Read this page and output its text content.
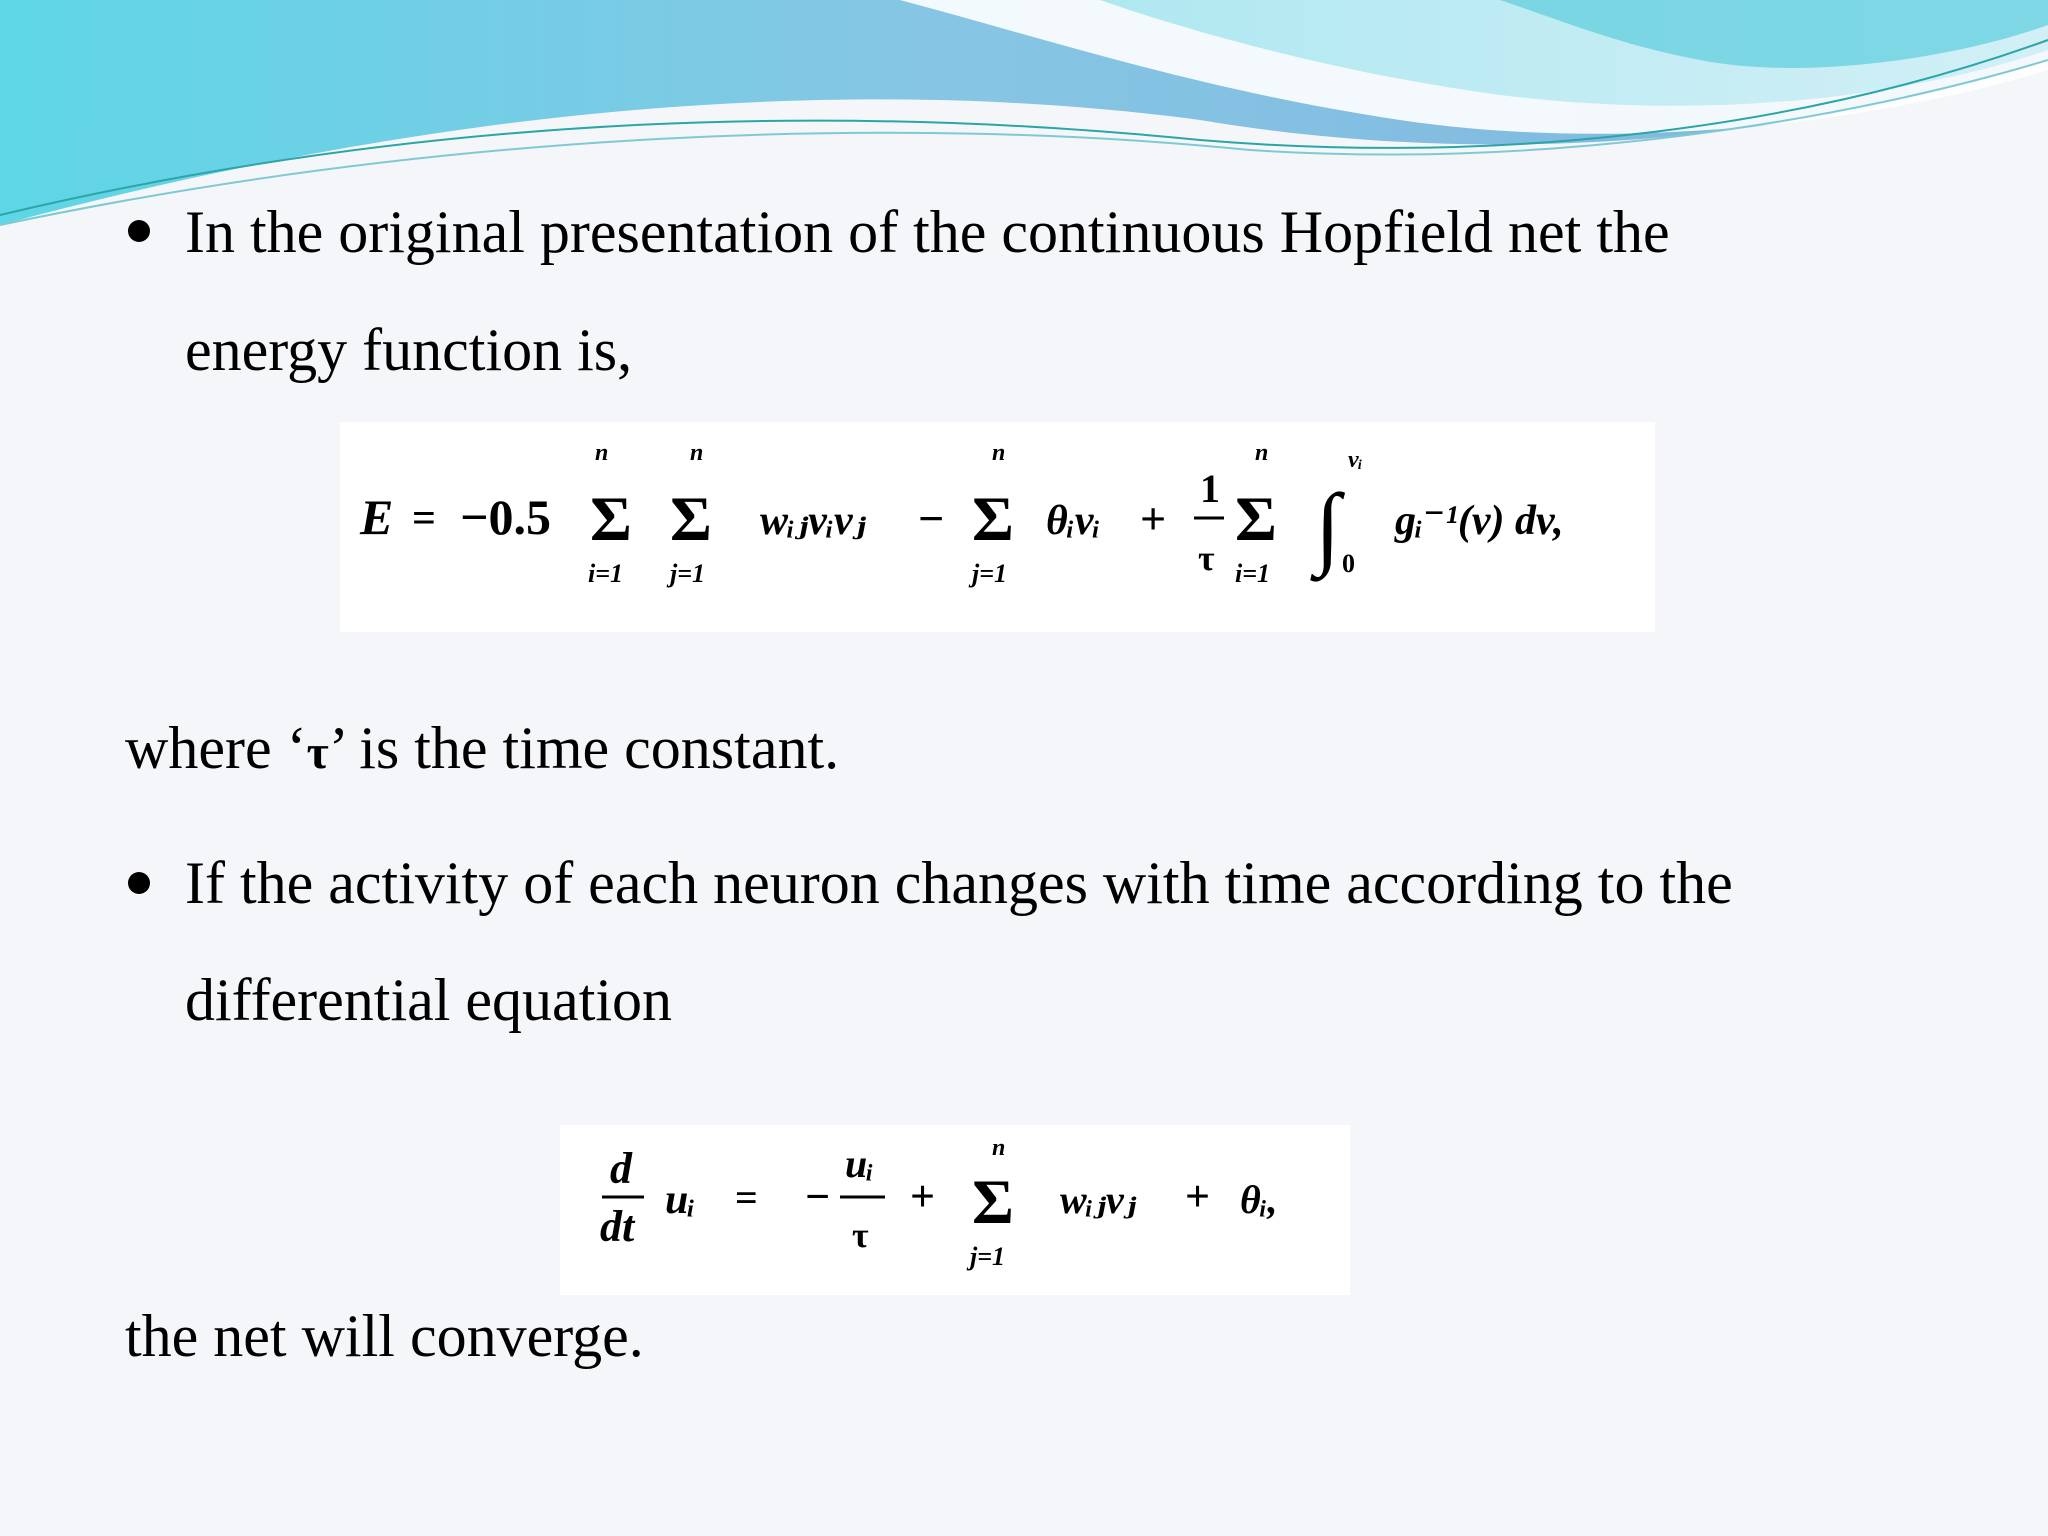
In the original presentation of the continuous Hopfield net the
energy function is,
E = −0.5
n
Σ
i=1
n
Σ
j=1
wᵢⱼvᵢvⱼ −
n
Σ
j=1
θᵢvᵢ +
1
τ
n
Σ
i=1 ∫
vᵢ
0
gᵢ⁻¹(v) dv,
where ‘τ’ is the time constant.
If the activity of each neuron changes with time according to the
differential equation
d
dt
uᵢ = −
uᵢ
τ
+
n
Σ
j=1
wᵢⱼvⱼ + θᵢ,
the net will converge.
